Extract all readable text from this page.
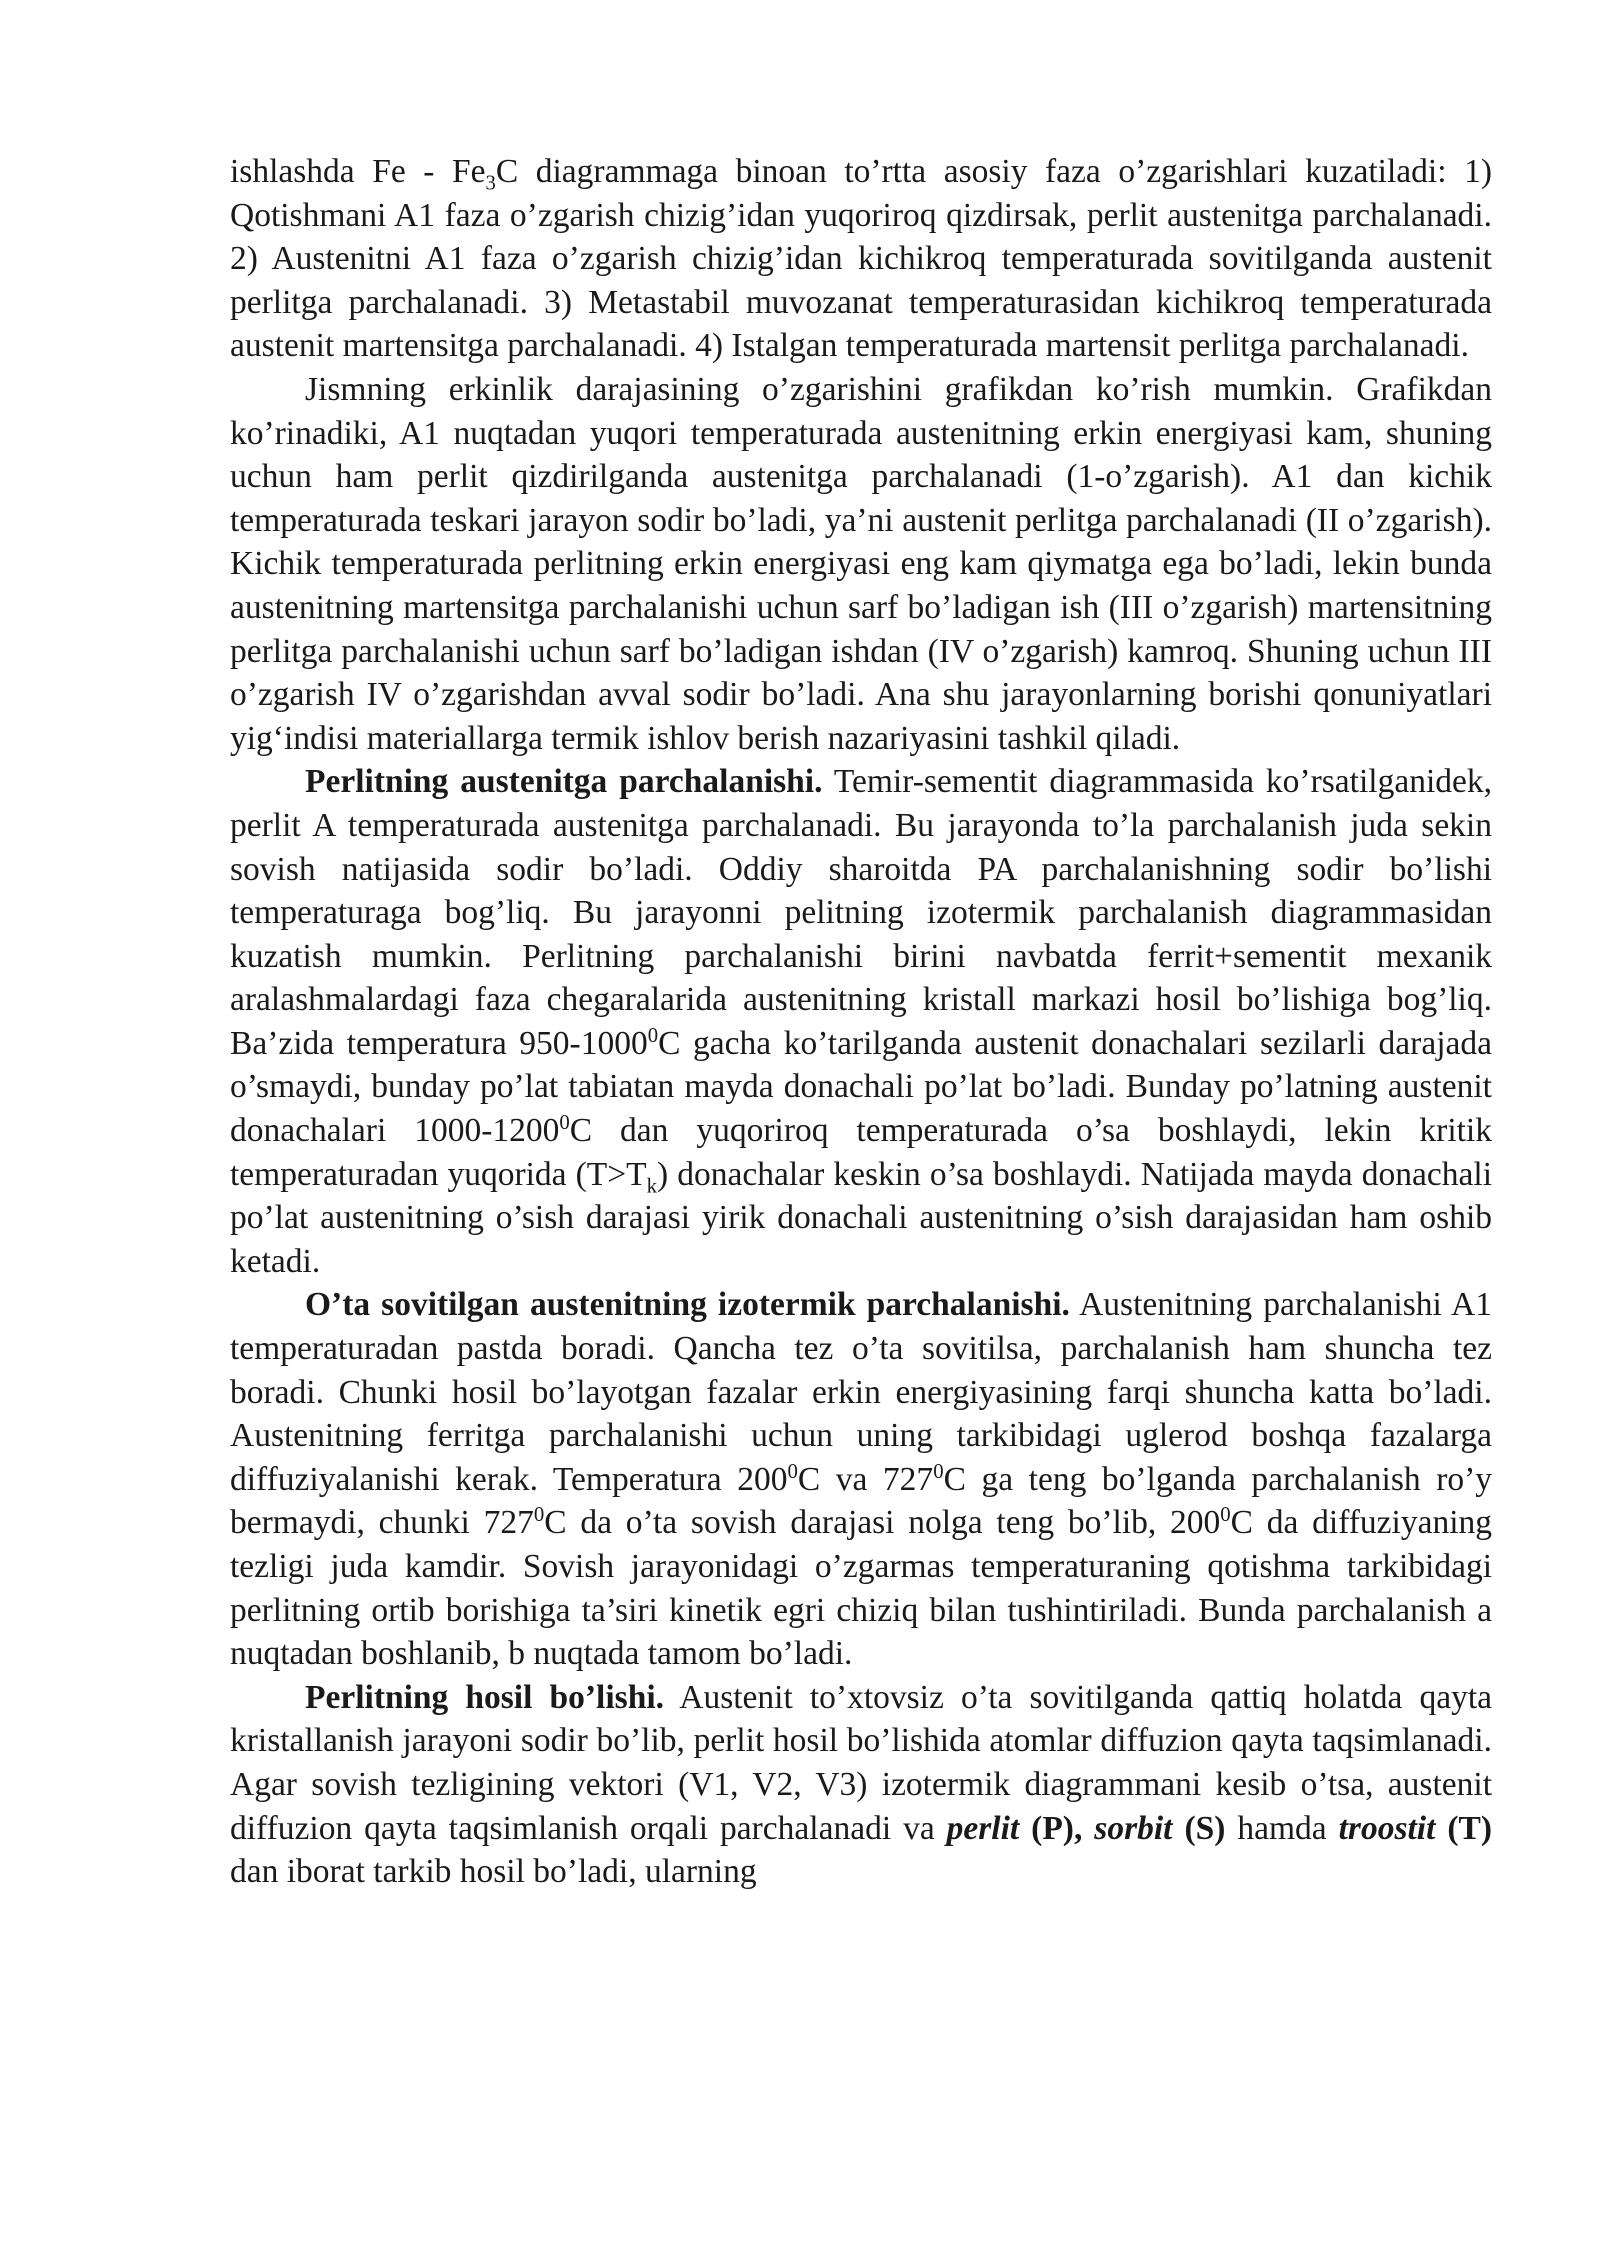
ishlashda Fe - $Fe_3C$ diagrammaga binoan to’rtta asosiy faza o’zgarishlari kuzatiladi: 1) Qotishmani A1 faza o’zgarish chizig’idan yuqoriroq qizdirsak, perlit austenitga parchalanadi. 2) Austenitni A1 faza o’zgarish chizig’idan kichikroq temperaturada sovitilganda austenit perlitga parchalanadi. 3) Metastabil muvozanat temperaturasidan kichikroq temperaturada austenit martensitga parchalanadi. 4) Istalgan temperaturada martensit perlitga parchalanadi.

Jismning erkinlik darajasining o’zgarishini grafikdan ko’rish mumkin. Grafikdan ko’rinadiki, A1 nuqtadan yuqori temperaturada austenitning erkin energiyasi kam, shuning uchun ham perlit qizdirilganda austenitga parchalanadi (1-o’zgarish). A1 dan kichik temperaturada teskari jarayon sodir bo’ladi, ya’ni austenit perlitga parchalanadi (II o’zgarish). Kichik temperaturada perlitning erkin energiyasi eng kam qiymatga ega bo’ladi, lekin bunda austenitning martensitga parchalanishi uchun sarf bo’ladigan ish (III o’zgarish) martensitning perlitga parchalanishi uchun sarf bo’ladigan ishdan (IV o’zgarish) kamroq. Shuning uchun III o’zgarish IV o’zgarishdan avval sodir bo’ladi. Ana shu jarayonlarning borishi qonuniyatlari yig‘indisi materiallarga termik ishlov berish nazariyasini tashkil qiladi.

Perlitning austenitga parchalanishi. Temir-sementit diagrammasida ko’rsatilganidek, perlit A temperaturada austenitga parchalanadi. Bu jarayonda to’la parchalanish juda sekin sovish natijasida sodir bo’ladi. Oddiy sharoitda PA parchalanishning sodir bo’lishi temperaturaga bog’liq. Bu jarayonni pelitning izotermik parchalanish diagrammasidan kuzatish mumkin. Perlitning parchalanishi birini navbatda ferrit+sementit mexanik aralashmalardagi faza chegaralarida austenitning kristall markazi hosil bo’lishiga bog’liq. Ba’zida temperatura 950-1000$^0$C gacha ko’tarilganda austenit donachalari sezilarli darajada o’smaydi, bunday po’lat tabiatan mayda donachali po’lat bo’ladi. Bunday po’latning austenit donachalari 1000-1200$^0$C dan yuqoriroq temperaturada o’sa boshlaydi, lekin kritik temperaturadan yuqorida $(T>T_k)$ donachalar keskin o’sa boshlaydi. Natijada mayda donachali po’lat austenitning o’sish darajasi yirik donachali austenitning o’sish darajasidan ham oshib ketadi.

O’ta sovitilgan austenitning izotermik parchalanishi. Austenitning parchalanishi A1 temperaturadan pastda boradi. Qancha tez o’ta sovitilsa, parchalanish ham shuncha tez boradi. Chunki hosil bo’layotgan fazalar erkin energiyasining farqi shuncha katta bo’ladi. Austenitning ferritga parchalanishi uchun uning tarkibidagi uglerod boshqa fazalarga diffuziyalanishi kerak. Temperatura $200^0C$ va $727^0C$ ga teng bo’lganda parchalanish ro’y bermaydi, chunki $727^0C$ da o’ta sovish darajasi nolga teng bo’lib, $200^0C$ da diffuziyaning tezligi juda kamdir. Sovish jarayonidagi o’zgarmas temperaturaning qotishma tarkibidagi perlitning ortib borishiga ta’siri kinetik egri chiziq bilan tushintiriladi. Bunda parchalanish a nuqtadan boshlanib, b nuqtada tamom bo’ladi.

Perlitning hosil bo’lishi. Austenit to’xtovsiz o’ta sovitilganda qattiq holatda qayta kristallanish jarayoni sodir bo’lib, perlit hosil bo’lishida atomlar diffuzion qayta taqsimlanadi. Agar sovish tezligining vektori (V1, V2, V3) izotermik diagrammani kesib o’tsa, austenit diffuzion qayta taqsimlanish orqali parchalanadi va perlit (P), sorbit (S) hamda troostit (T) dan iborat tarkib hosil bo’ladi, ularning
